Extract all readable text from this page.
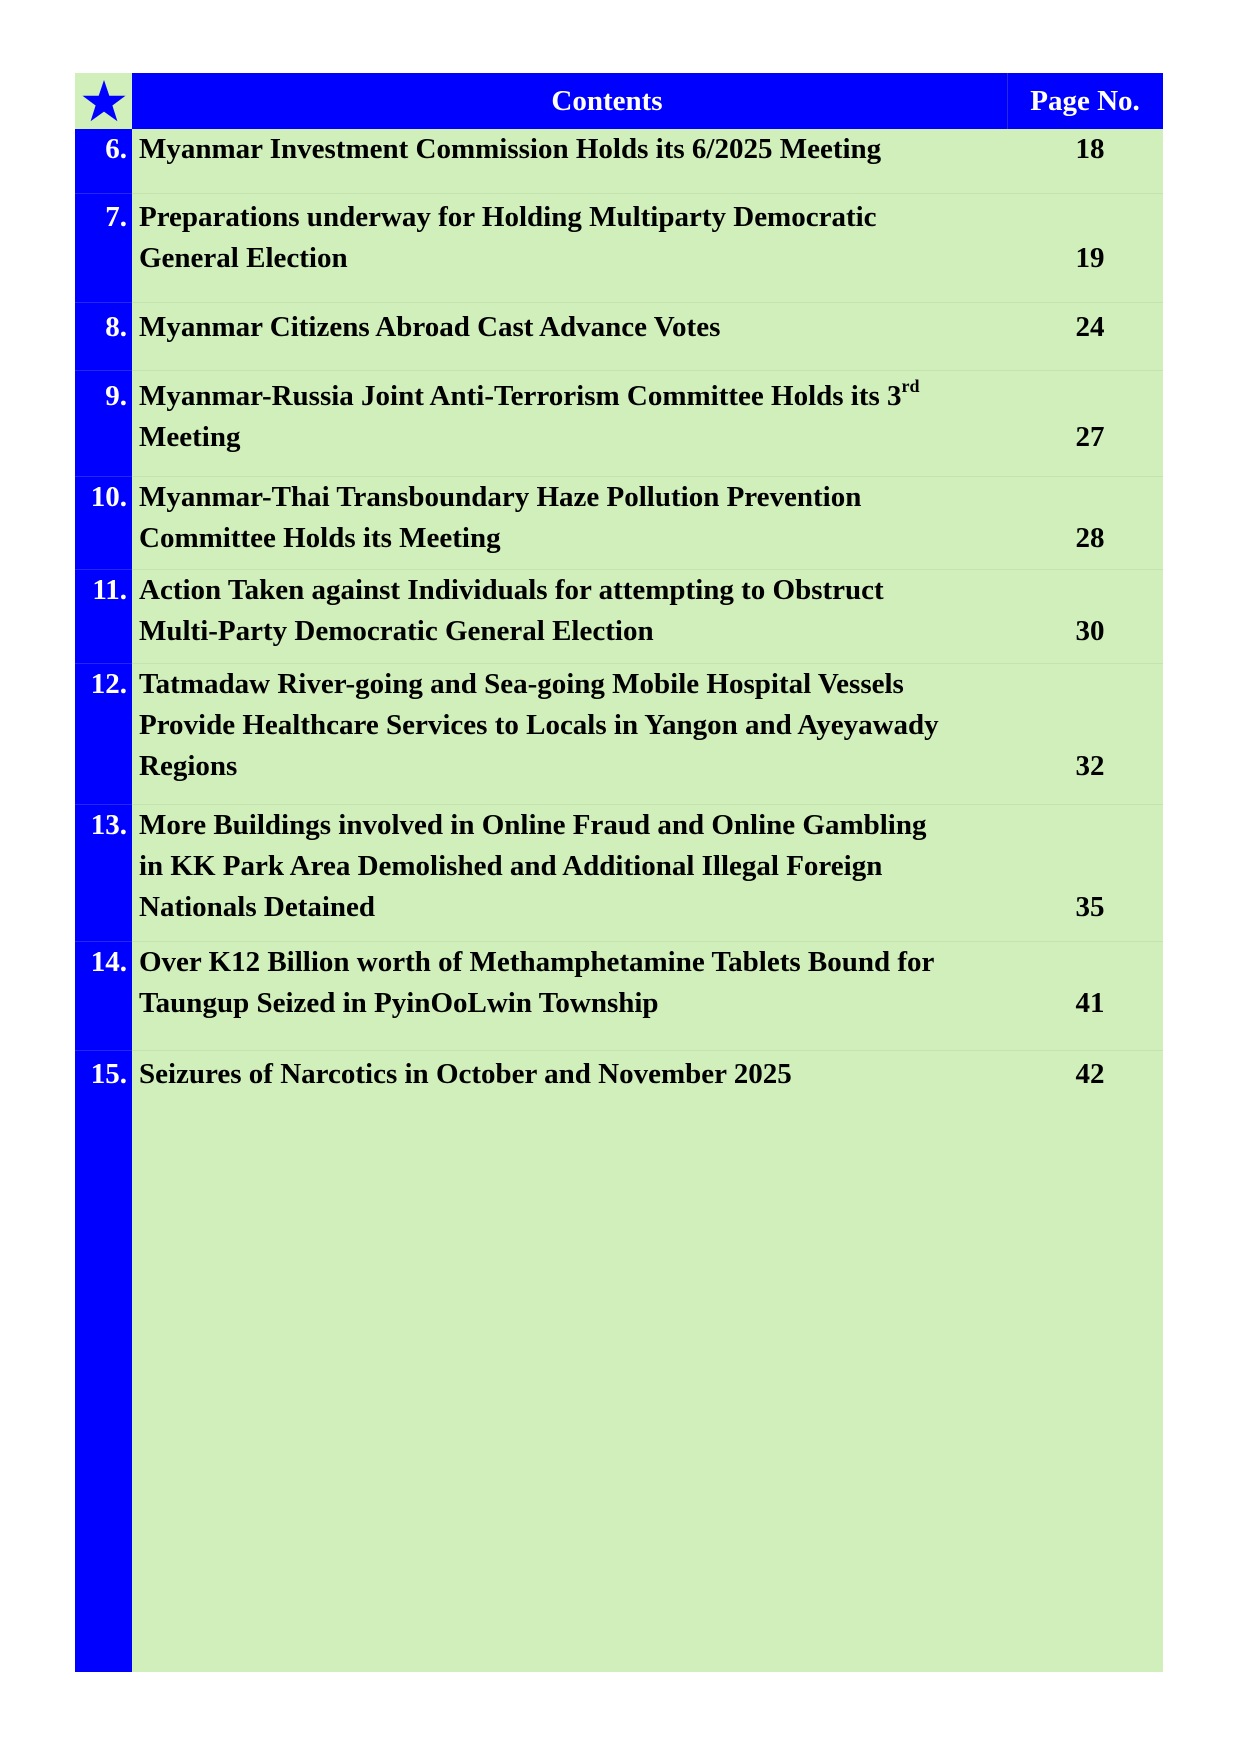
Contents	Page No.
6. Myanmar Investment Commission Holds its 6/2025 Meeting	18
7. Preparations underway for Holding Multiparty Democratic
General Election	19
8. Myanmar Citizens Abroad Cast Advance Votes	24
9. Myanmar-Russia Joint Anti-Terrorism Committee Holds its 3rd
Meeting	27
10. Myanmar-Thai Transboundary Haze Pollution Prevention
Committee Holds its Meeting	28
11. Action Taken against Individuals for attempting to Obstruct
Multi-Party Democratic General Election	30
12. Tatmadaw River-going and Sea-going Mobile Hospital Vessels
Provide Healthcare Services to Locals in Yangon and Ayeyawady
Regions	32
13. More Buildings involved in Online Fraud and Online Gambling
in KK Park Area Demolished and Additional Illegal Foreign
Nationals Detained	35
14. Over K12 Billion worth of Methamphetamine Tablets Bound for
Taungup Seized in PyinOoLwin Township	41
15. Seizures of Narcotics in October and November 2025	42
